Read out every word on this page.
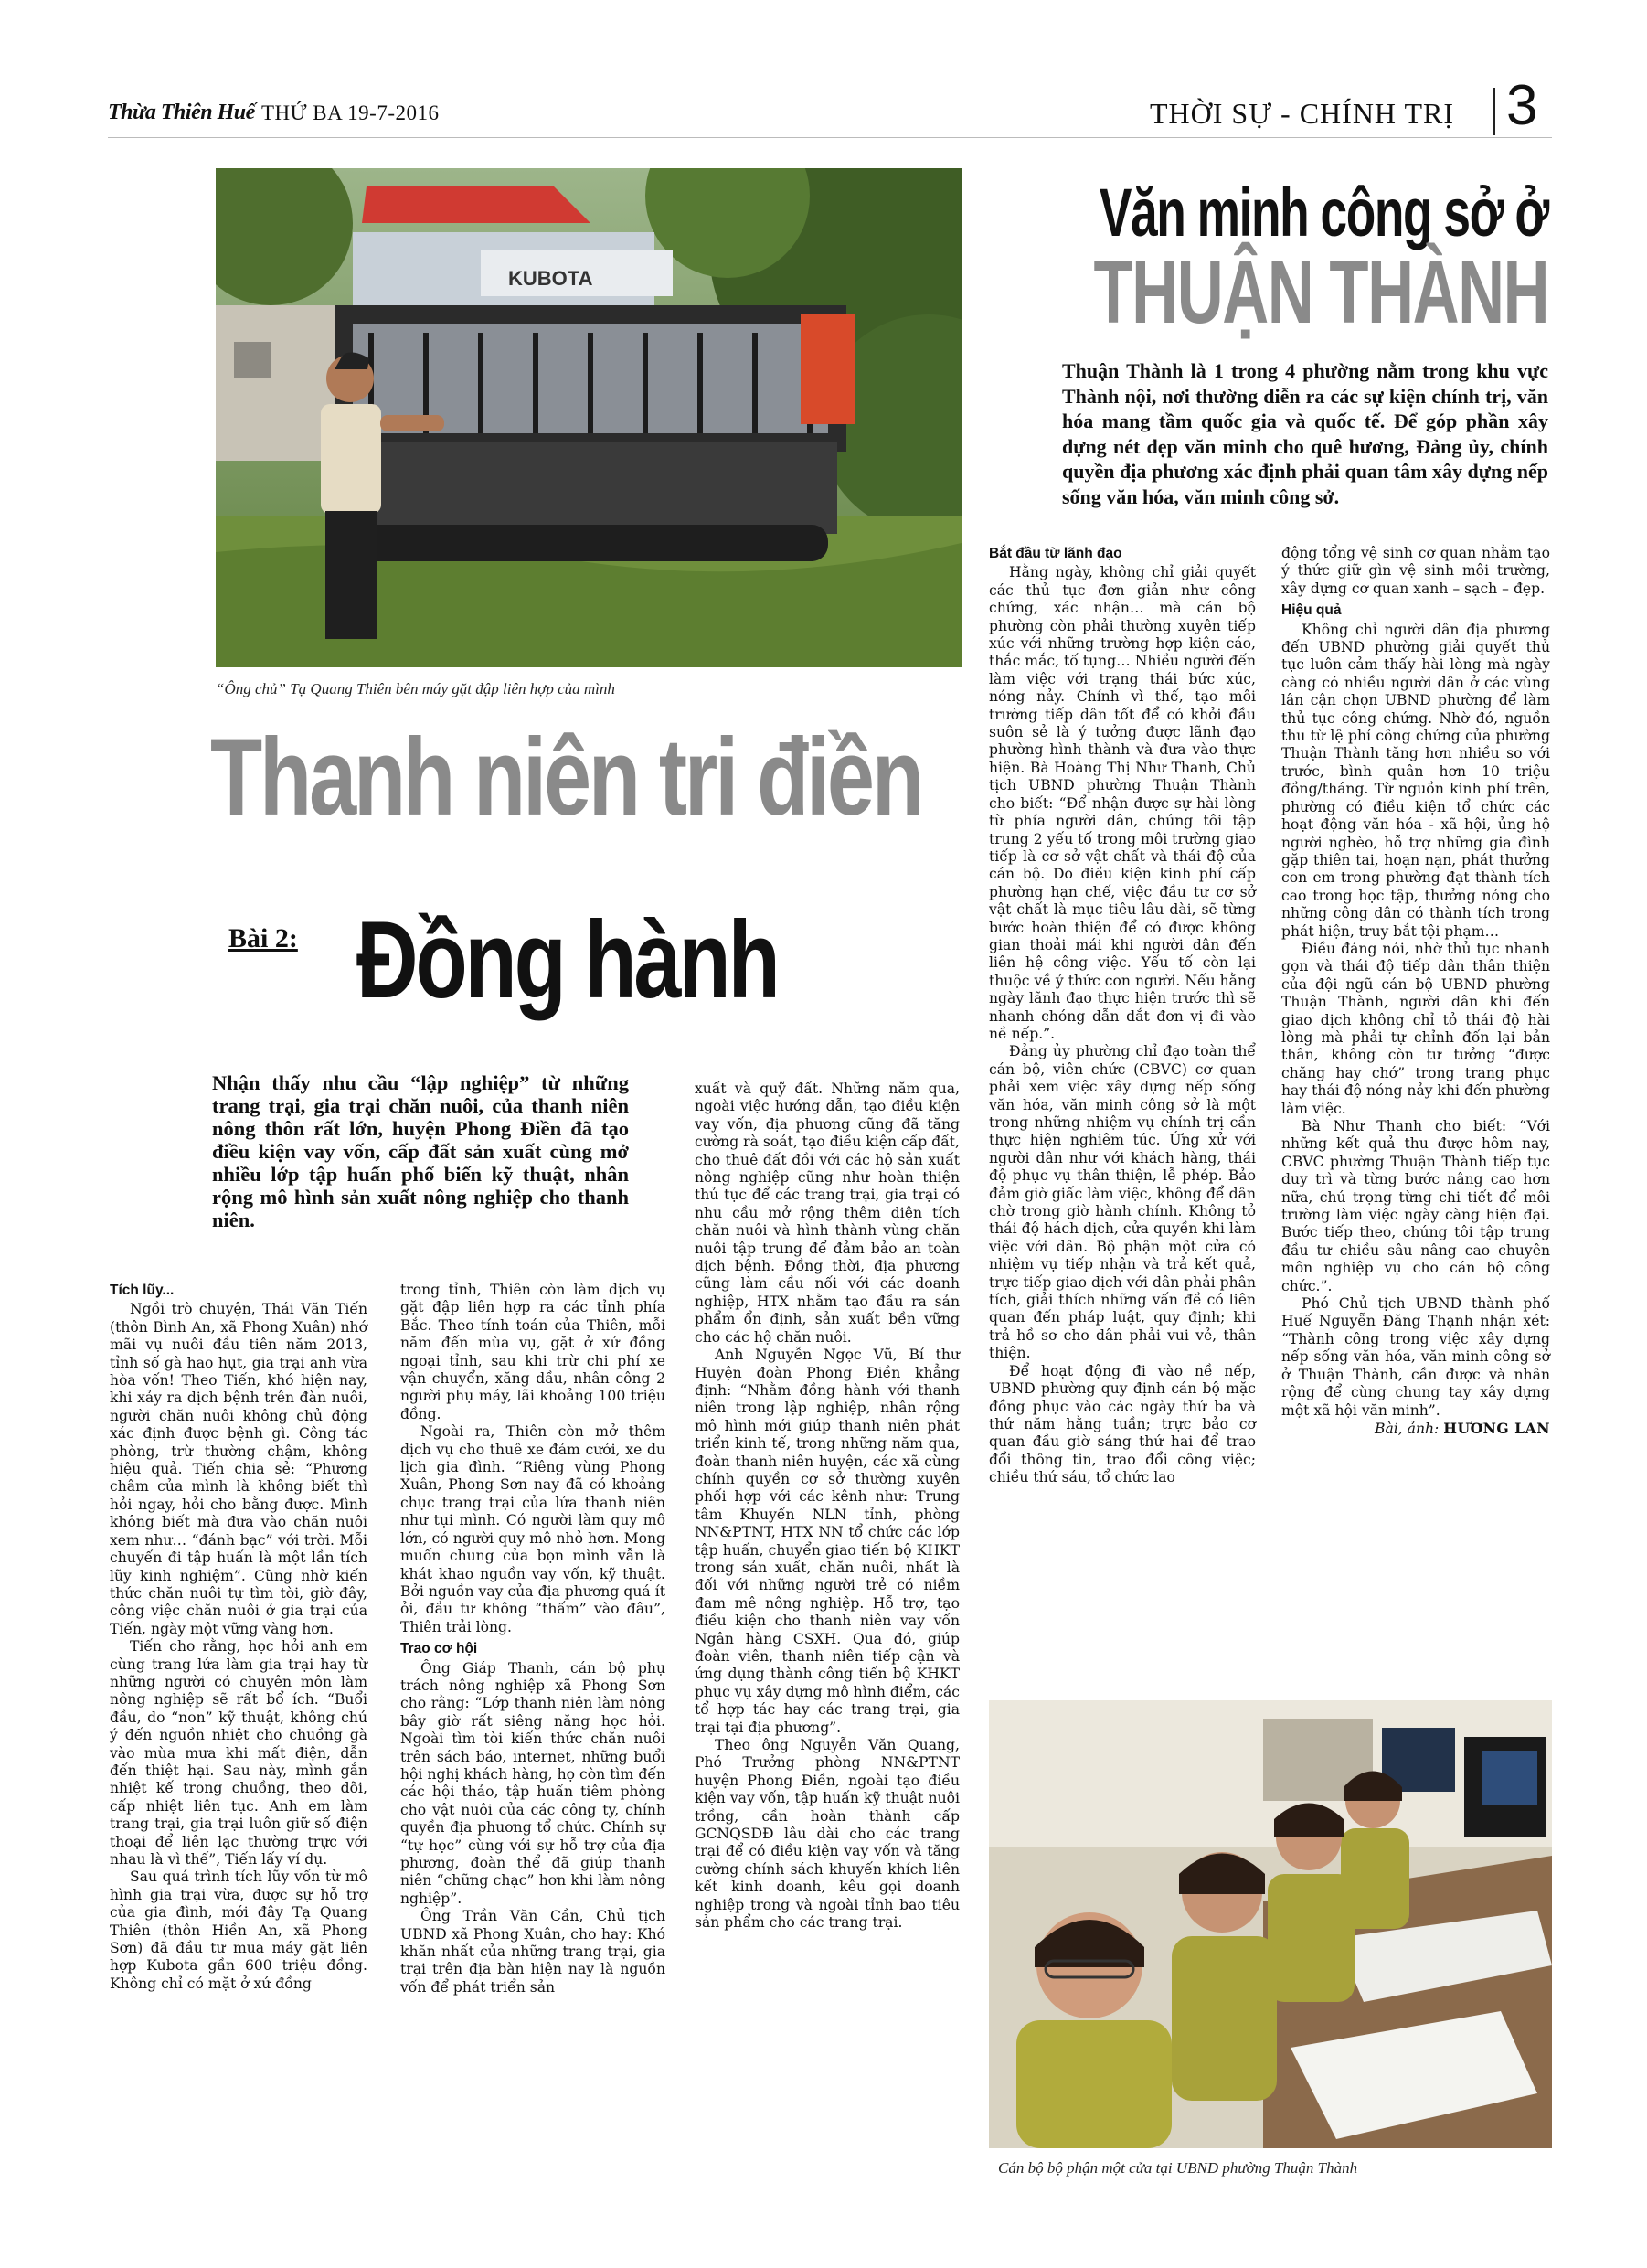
Thừa Thiên Huế THỨ BA 19-7-2016	THỜI SỰ - CHÍNH TRỊ 3
KUBOTA
“Ông chủ” Tạ Quang Thiên bên máy gặt đập liên hợp của mình
Thanh niên tri điền
Bài 2: Đồng hành
Nhận thấy nhu cầu “lập nghiệp” từ những trang trại, gia trại chăn nuôi, của thanh niên nông thôn rất lớn, huyện Phong Điền đã tạo điều kiện vay vốn, cấp đất sản xuất cùng mở nhiều lớp tập huấn phổ biến kỹ thuật, nhân rộng mô hình sản xuất nông nghiệp cho thanh niên.

Tích lũy...

Ngồi trò chuyện, Thái Văn Tiến (thôn Bình An, xã Phong Xuân) nhớ mãi vụ nuôi đầu tiên năm 2013, tỉnh số gà hao hụt, gia trại anh vừa hòa vốn! Theo Tiến, khó hiện nay, khi xảy ra dịch bệnh trên đàn nuôi, người chăn nuôi không chủ động xác định được bệnh gì. Công tác phòng, trừ thường chậm, không hiệu quả. Tiến chia sẻ: “Phương châm của mình là không biết thì hỏi ngay, hỏi cho bằng được. Mình không biết mà đưa vào chăn nuôi xem như… “đánh bạc” với trời. Mỗi chuyến đi tập huấn là một lần tích lũy kinh nghiệm”. Cũng nhờ kiến thức chăn nuôi tự tìm tòi, giờ đây, công việc chăn nuôi ở gia trại của Tiến, ngày một vững vàng hơn.

Tiến cho rằng, học hỏi anh em cùng trang lứa làm gia trại hay từ những người có chuyên môn làm nông nghiệp sẽ rất bổ ích. “Buổi đầu, do “non” kỹ thuật, không chú ý đến nguồn nhiệt cho chuồng gà vào mùa mưa khi mất điện, dẫn đến thiệt hại. Sau này, mình gắn nhiệt kế trong chuồng, theo dõi, cấp nhiệt liên tục. Anh em làm trang trại, gia trại luôn giữ số điện thoại để liên lạc thường trực với nhau là vì thế”, Tiến lấy ví dụ.

Sau quá trình tích lũy vốn từ mô hình gia trại vừa, được sự hỗ trợ của gia đình, mới đây Tạ Quang Thiên (thôn Hiền An, xã Phong Sơn) đã đầu tư mua máy gặt liên hợp Kubota gần 600 triệu đồng. Không chỉ có mặt ở xứ đồng

trong tỉnh, Thiên còn làm dịch vụ gặt đập liên hợp ra các tỉnh phía Bắc. Theo tính toán của Thiên, mỗi năm đến mùa vụ, gặt ở xứ đồng ngoại tỉnh, sau khi trừ chi phí xe vận chuyển, xăng dầu, nhân công 2 người phụ máy, lãi khoảng 100 triệu đồng.

Ngoài ra, Thiên còn mở thêm dịch vụ cho thuê xe đám cưới, xe du lịch gia đình. “Riêng vùng Phong Xuân, Phong Sơn nay đã có khoảng chục trang trại của lứa thanh niên như tụi mình. Có người làm quy mô lớn, có người quy mô nhỏ hơn. Mong muốn chung của bọn mình vẫn là khát khao nguồn vay vốn, kỹ thuật. Bởi nguồn vay của địa phương quá ít ỏi, đầu tư không “thấm” vào đâu”, Thiên trải lòng.

Trao cơ hội

Ông Giáp Thanh, cán bộ phụ trách nông nghiệp xã Phong Sơn cho rằng: “Lớp thanh niên làm nông bây giờ rất siêng năng học hỏi. Ngoài tìm tòi kiến thức chăn nuôi trên sách báo, internet, những buổi hội nghị khách hàng, họ còn tìm đến các hội thảo, tập huấn tiêm phòng cho vật nuôi của các công ty, chính quyền địa phương tổ chức. Chính sự “tự học” cùng với sự hỗ trợ của địa phương, đoàn thể đã giúp thanh niên “chững chạc” hơn khi làm nông nghiệp”.

Ông Trần Văn Cần, Chủ tịch UBND xã Phong Xuân, cho hay: Khó khăn nhất của những trang trại, gia trại trên địa bàn hiện nay là nguồn vốn để phát triển sản

xuất và quỹ đất. Những năm qua, ngoài việc hướng dẫn, tạo điều kiện vay vốn, địa phương cũng đã tăng cường rà soát, tạo điều kiện cấp đất, cho thuê đất đồi với các hộ sản xuất nông nghiệp cũng như hoàn thiện thủ tục để các trang trại, gia trại có nhu cầu mở rộng thêm diện tích chăn nuôi và hình thành vùng chăn nuôi tập trung để đảm bảo an toàn dịch bệnh. Đồng thời, địa phương cũng làm cầu nối với các doanh nghiệp, HTX nhằm tạo đầu ra sản phẩm ổn định, sản xuất bền vững cho các hộ chăn nuôi.

Anh Nguyễn Ngọc Vũ, Bí thư Huyện đoàn Phong Điền khẳng định: “Nhằm đồng hành với thanh niên trong lập nghiệp, nhân rộng mô hình mới giúp thanh niên phát triển kinh tế, trong những năm qua, đoàn thanh niên huyện, các xã cùng chính quyền cơ sở thường xuyên phối hợp với các kênh như: Trung tâm Khuyến NLN tỉnh, phòng NN&PTNT, HTX NN tổ chức các lớp tập huấn, chuyển giao tiến bộ KHKT trong sản xuất, chăn nuôi, nhất là đối với những người trẻ có niềm đam mê nông nghiệp. Hỗ trợ, tạo điều kiện cho thanh niên vay vốn Ngân hàng CSXH. Qua đó, giúp đoàn viên, thanh niên tiếp cận và ứng dụng thành công tiến bộ KHKT phục vụ xây dựng mô hình điểm, các tổ hợp tác hay các trang trại, gia trại tại địa phương”.

Theo ông Nguyễn Văn Quang, Phó Trưởng phòng NN&PTNT huyện Phong Điền, ngoài tạo điều kiện vay vốn, tập huấn kỹ thuật nuôi trồng, cần hoàn thành cấp GCNQSDĐ lâu dài cho các trang trại để có điều kiện vay vốn và tăng cường chính sách khuyến khích liên kết kinh doanh, kêu gọi doanh nghiệp trong và ngoài tỉnh bao tiêu sản phẩm cho các trang trại.

Văn minh công sở ở
THUẬN THÀNH
Thuận Thành là 1 trong 4 phường nằm trong khu vực Thành nội, nơi thường diễn ra các sự kiện chính trị, văn hóa mang tầm quốc gia và quốc tế. Để góp phần xây dựng nét đẹp văn minh cho quê hương, Đảng ủy, chính quyền địa phương xác định phải quan tâm xây dựng nếp sống văn hóa, văn minh công sở.

Bắt đầu từ lãnh đạo

Hằng ngày, không chỉ giải quyết các thủ tục đơn giản như công chứng, xác nhận… mà cán bộ phường còn phải thường xuyên tiếp xúc với những trường hợp kiện cáo, thắc mắc, tố tụng… Nhiều người đến làm việc với trạng thái bức xúc, nóng nảy. Chính vì thế, tạo môi trường tiếp dân tốt để có khởi đầu suôn sẻ là ý tưởng được lãnh đạo phường hình thành và đưa vào thực hiện. Bà Hoàng Thị Như Thanh, Chủ tịch UBND phường Thuận Thành cho biết: “Để nhận được sự hài lòng từ phía người dân, chúng tôi tập trung 2 yếu tố trong môi trường giao tiếp là cơ sở vật chất và thái độ của cán bộ. Do điều kiện kinh phí cấp phường hạn chế, việc đầu tư cơ sở vật chất là mục tiêu lâu dài, sẽ từng bước hoàn thiện để có được không gian thoải mái khi người dân đến liên hệ công việc. Yếu tố còn lại thuộc về ý thức con người. Nếu hằng ngày lãnh đạo thực hiện trước thì sẽ nhanh chóng dẫn dắt đơn vị đi vào nề nếp.”.

Đảng ủy phường chỉ đạo toàn thể cán bộ, viên chức (CBVC) cơ quan phải xem việc xây dựng nếp sống văn hóa, văn minh công sở là một trong những nhiệm vụ chính trị cần thực hiện nghiêm túc. Ứng xử với người dân như với khách hàng, thái độ phục vụ thân thiện, lễ phép. Bảo đảm giờ giấc làm việc, không để dân chờ trong giờ hành chính. Không tỏ thái độ hách dịch, cửa quyền khi làm việc với dân. Bộ phận một cửa có nhiệm vụ tiếp nhận và trả kết quả, trực tiếp giao dịch với dân phải phân tích, giải thích những vấn đề có liên quan đến pháp luật, quy định; khi trả hồ sơ cho dân phải vui vẻ, thân thiện.

Để hoạt động đi vào nề nếp, UBND phường quy định cán bộ mặc đồng phục vào các ngày thứ ba và thứ năm hằng tuần; trực bảo cơ quan đầu giờ sáng thứ hai để trao đổi thông tin, trao đổi công việc; chiều thứ sáu, tổ chức lao

động tổng vệ sinh cơ quan nhằm tạo ý thức giữ gìn vệ sinh môi trường, xây dựng cơ quan xanh – sạch – đẹp.

Hiệu quả

Không chỉ người dân địa phương đến UBND phường giải quyết thủ tục luôn cảm thấy hài lòng mà ngày càng có nhiều người dân ở các vùng lân cận chọn UBND phường để làm thủ tục công chứng. Nhờ đó, nguồn thu từ lệ phí công chứng của phường Thuận Thành tăng hơn nhiều so với trước, bình quân hơn 10 triệu đồng/tháng. Từ nguồn kinh phí trên, phường có điều kiện tổ chức các hoạt động văn hóa - xã hội, ủng hộ người nghèo, hỗ trợ những gia đình gặp thiên tai, hoạn nạn, phát thưởng con em trong phường đạt thành tích cao trong học tập, thưởng nóng cho những công dân có thành tích trong phát hiện, truy bắt tội phạm…

Điều đáng nói, nhờ thủ tục nhanh gọn và thái độ tiếp dân thân thiện của đội ngũ cán bộ UBND phường Thuận Thành, người dân khi đến giao dịch không chỉ tỏ thái độ hài lòng mà phải tự chỉnh đốn lại bản thân, không còn tư tưởng “được chăng hay chớ” trong trang phục hay thái độ nóng nảy khi đến phường làm việc.

Bà Như Thanh cho biết: “Với những kết quả thu được hôm nay, CBVC phường Thuận Thành tiếp tục duy trì và từng bước nâng cao hơn nữa, chú trọng từng chi tiết để môi trường làm việc ngày càng hiện đại. Bước tiếp theo, chúng tôi tập trung đầu tư chiều sâu nâng cao chuyên môn nghiệp vụ cho cán bộ công chức.”.

Phó Chủ tịch UBND thành phố Huế Nguyễn Đăng Thạnh nhận xét: “Thành công trong việc xây dựng nếp sống văn hóa, văn minh công sở ở Thuận Thành, cần được và nhân rộng để cùng chung tay xây dựng một xã hội văn minh”.

Bài, ảnh: HƯƠNG LAN

Cán bộ bộ phận một cửa tại UBND phường Thuận Thành
